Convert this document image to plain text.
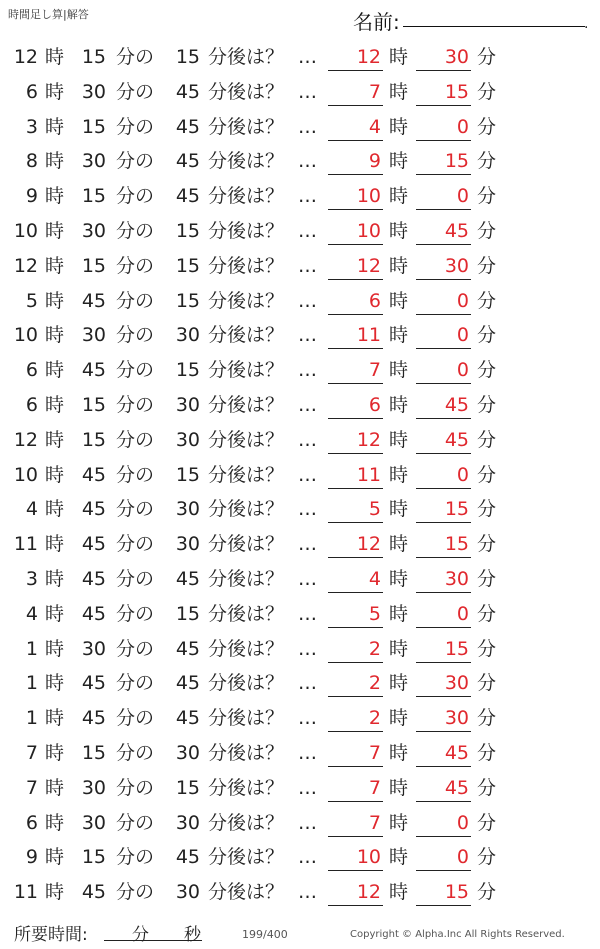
時間足し算|解答	名前:	.
12 時 15 分の	15 分後は？ …	12 時	30 分
6 時 30 分の	45 分後は？ …	7 時	15 分
3 時 15 分の	45 分後は？ …	4 時	0 分
8 時 30 分の	45 分後は？ …	9 時	15 分
9 時 15 分の	45 分後は？ …	10 時	0 分
10 時 30 分の	15 分後は？ …	10 時	45 分
12 時 15 分の	15 分後は？ …	12 時	30 分
5 時 45 分の	15 分後は？ …	6 時	0 分
10 時 30 分の	30 分後は？ …	11 時	0 分
6 時 45 分の	15 分後は？ …	7 時	0 分
6 時 15 分の	30 分後は？ …	6 時	45 分
12 時 15 分の	30 分後は？ …	12 時	45 分
10 時 45 分の	15 分後は？ …	11 時	0 分
4 時 45 分の	30 分後は？ …	5 時	15 分
11 時 45 分の	30 分後は？ …	12 時	15 分
3 時 45 分の	45 分後は？ …	4 時	30 分
4 時 45 分の	15 分後は？ …	5 時	0 分
1 時 30 分の	45 分後は？ …	2 時	15 分
1 時 45 分の	45 分後は？ …	2 時	30 分
1 時 45 分の	45 分後は？ …	2 時	30 分
7 時 15 分の	30 分後は？ …	7 時	45 分
7 時 30 分の	15 分後は？ …	7 時	45 分
6 時 30 分の	30 分後は？ …	7 時	0 分
9 時 15 分の	45 分後は？ …	10 時	0 分
11 時 45 分の	30 分後は？ …	12 時	15 分
所要時間:	分 秒	199/400	Copyright © Alpha.Inc All Rights Reserved.
